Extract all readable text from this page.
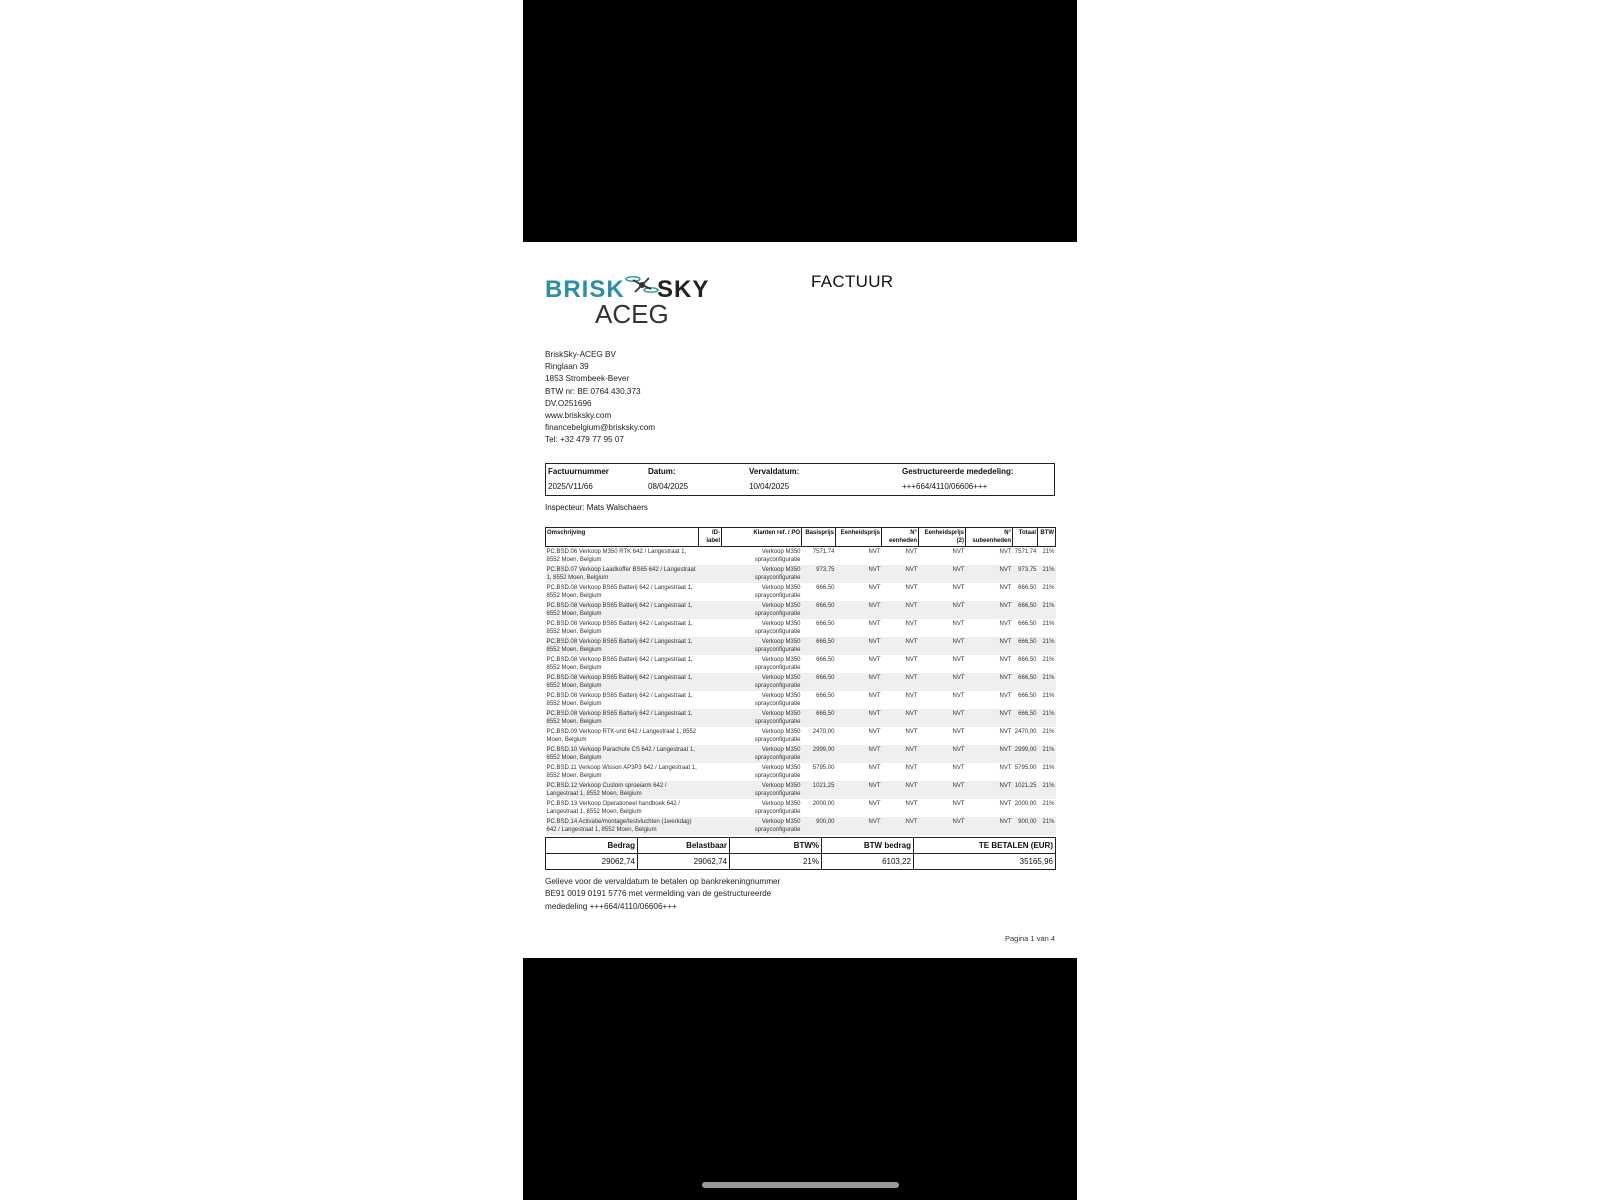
BRISK SKY
ACEG
FACTUUR
BriskSky-ACEG BV
Ringlaan 39
1853 Strombeek-Bever
BTW nr: BE 0764.430.373
DV.O251696
www.brisksky.com
financebelgium@brisksky.com
Tel: +32 479 77 95 07
Factuurnummer
2025/V11/66
Datum:
08/04/2025
Vervaldatum:
10/04/2025
Gestructureerde mededeling:
+++664/4110/06606+++
Inspecteur: Mats Walschaers
Omschrijving	ID-label	Klanten ref. / PO	Basisprijs	Eenheidsprijs	N° eenheden	Eenheidsprijs (2)	N° subeenheden	Totaal	BTW
PC.BSD.06 Verkoop M350 RTK 642 / Langestraat 1, 8552 Moen, Belgium		Verkoop M350 sprayconfiguratie	7571,74	NVT	NVT	NVT	NVT	7571,74	21%
PC.BSD.07 Verkoop Laadkoffer BS65 642 / Langestraat 1, 8552 Moen, Belgium		Verkoop M350 sprayconfiguratie	973,75	NVT	NVT	NVT	NVT	973,75	21%
PC.BSD.08 Verkoop BS65 Batterij 642 / Langestraat 1, 8552 Moen, Belgium		Verkoop M350 sprayconfiguratie	666,50	NVT	NVT	NVT	NVT	666,50	21%
PC.BSD.08 Verkoop BS65 Batterij 642 / Langestraat 1, 8552 Moen, Belgium		Verkoop M350 sprayconfiguratie	666,50	NVT	NVT	NVT	NVT	666,50	21%
PC.BSD.08 Verkoop BS65 Batterij 642 / Langestraat 1, 8552 Moen, Belgium		Verkoop M350 sprayconfiguratie	666,50	NVT	NVT	NVT	NVT	666,50	21%
PC.BSD.08 Verkoop BS65 Batterij 642 / Langestraat 1, 8552 Moen, Belgium		Verkoop M350 sprayconfiguratie	666,50	NVT	NVT	NVT	NVT	666,50	21%
PC.BSD.08 Verkoop BS65 Batterij 642 / Langestraat 1, 8552 Moen, Belgium		Verkoop M350 sprayconfiguratie	666,50	NVT	NVT	NVT	NVT	666,50	21%
PC.BSD.08 Verkoop BS65 Batterij 642 / Langestraat 1, 8552 Moen, Belgium		Verkoop M350 sprayconfiguratie	666,50	NVT	NVT	NVT	NVT	666,50	21%
PC.BSD.08 Verkoop BS65 Batterij 642 / Langestraat 1, 8552 Moen, Belgium		Verkoop M350 sprayconfiguratie	666,50	NVT	NVT	NVT	NVT	666,50	21%
PC.BSD.08 Verkoop BS65 Batterij 642 / Langestraat 1, 8552 Moen, Belgium		Verkoop M350 sprayconfiguratie	666,50	NVT	NVT	NVT	NVT	666,50	21%
PC.BSD.09 Verkoop RTK-unit 642 / Langestraat 1, 8552 Moen, Belgium		Verkoop M350 sprayconfiguratie	2470,00	NVT	NVT	NVT	NVT	2470,00	21%
PC.BSD.10 Verkoop Parachute CS 642 / Langestraat 1, 8552 Moen, Belgium		Verkoop M350 sprayconfiguratie	2999,00	NVT	NVT	NVT	NVT	2999,00	21%
PC.BSD.11 Verkoop Wisson AP3P3 642 / Langestraat 1, 8552 Moen, Belgium		Verkoop M350 sprayconfiguratie	5795,00	NVT	NVT	NVT	NVT	5795,00	21%
PC.BSD.12 Verkoop Custom sproeiarm 642 / Langestraat 1, 8552 Moen, Belgium		Verkoop M350 sprayconfiguratie	1021,25	NVT	NVT	NVT	NVT	1021,25	21%
PC.BSD.13 Verkoop Operationeel handboek 642 / Langestraat 1, 8552 Moen, Belgium		Verkoop M350 sprayconfiguratie	2000,00	NVT	NVT	NVT	NVT	2000,00	21%
PC.BSD.14 Activatie/montage/testvluchten (1werkdag) 642 / Langestraat 1, 8552 Moen, Belgium		Verkoop M350 sprayconfiguratie	900,00	NVT	NVT	NVT	NVT	900,00	21%
Bedrag	Belastbaar	BTW%	BTW bedrag	TE BETALEN (EUR)
29062,74	29062,74	21%	6103,22	35165,96
Gelieve voor de vervaldatum te betalen op bankrekeningnummer
BE91 0019 0191 5776 met vermelding van de gestructureerde
mededeling +++664/4110/06606+++
Pagina 1 van 4
